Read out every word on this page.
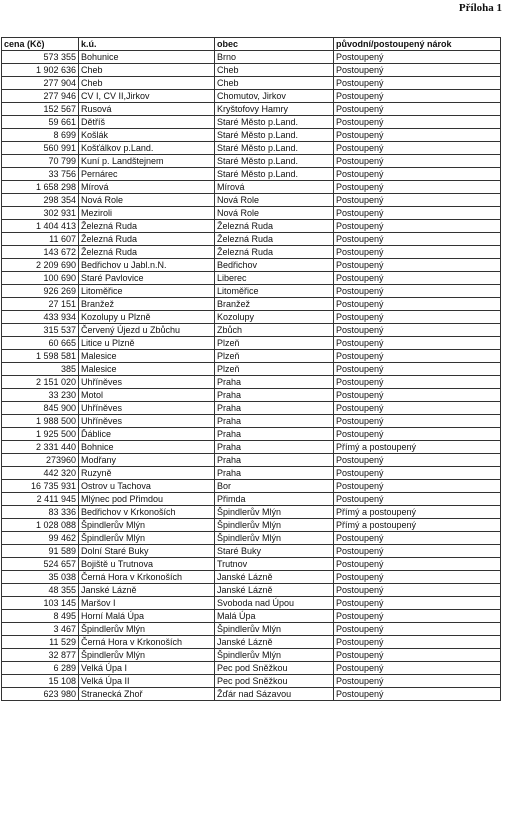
Příloha 1
cena (Kč)	k.ú.	obec	původní/postoupený nárok
573 355	Bohunice	Brno	Postoupený
1 902 636	Cheb	Cheb	Postoupený
277 904	Cheb	Cheb	Postoupený
277 946	CV I, CV II,Jirkov	Chomutov, Jirkov	Postoupený
152 567	Rusová	Kryštofovy Hamry	Postoupený
59 661	Dětříš	Staré Město p.Land.	Postoupený
8 699	Košlák	Staré Město p.Land.	Postoupený
560 991	Košťálkov p.Land.	Staré Město p.Land.	Postoupený
70 799	Kuní p. Landštejnem	Staré Město p.Land.	Postoupený
33 756	Pernárec	Staré Město p.Land.	Postoupený
1 658 298	Mírová	Mírová	Postoupený
298 354	Nová Role	Nová Role	Postoupený
302 931	Meziroli	Nová Role	Postoupený
1 404 413	Železná Ruda	Železná Ruda	Postoupený
11 607	Železná Ruda	Železná Ruda	Postoupený
143 672	Železná Ruda	Železná Ruda	Postoupený
2 209 690	Bedřichov u Jabl.n.N.	Bedřichov	Postoupený
100 690	Staré Pavlovice	Liberec	Postoupený
926 269	Litoměřice	Litoměřice	Postoupený
27 151	Branžež	Branžež	Postoupený
433 934	Kozolupy u Plzně	Kozolupy	Postoupený
315 537	Červený Újezd u Zbůchu	Zbůch	Postoupený
60 665	Litice u Plzně	Plzeň	Postoupený
1 598 581	Malesice	Plzeň	Postoupený
385	Malesice	Plzeň	Postoupený
2 151 020	Uhříněves	Praha	Postoupený
33 230	Motol	Praha	Postoupený
845 900	Uhříněves	Praha	Postoupený
1 988 500	Uhříněves	Praha	Postoupený
1 925 500	Ďáblice	Praha	Postoupený
2 331 440	Bohnice	Praha	Přímý a postoupený
273960	Modřany	Praha	Postoupený
442 320	Ruzyně	Praha	Postoupený
16 735 931	Ostrov u Tachova	Bor	Postoupený
2 411 945	Mlýnec pod Přimdou	Přimda	Postoupený
83 336	Bedřichov v Krkonoších	Špindlerův Mlýn	Přímý a postoupený
1 028 088	Špindlerův Mlýn	Špindlerův Mlýn	Přímý a postoupený
99 462	Špindlerův Mlýn	Špindlerův Mlýn	Postoupený
91 589	Dolní Staré Buky	Staré Buky	Postoupený
524 657	Bojiště u Trutnova	Trutnov	Postoupený
35 038	Černá Hora v Krkonoších	Janské Lázně	Postoupený
48 355	Janské Lázně	Janské Lázně	Postoupený
103 145	Maršov I	Svoboda nad Úpou	Postoupený
8 495	Horní Malá Úpa	Malá Úpa	Postoupený
3 467	Špindlerův Mlýn	Špindlerův Mlýn	Postoupený
11 529	Černá Hora v Krkonoších	Janské Lázně	Postoupený
32 877	Špindlerův Mlýn	Špindlerův Mlýn	Postoupený
6 289	Velká Úpa I	Pec pod Sněžkou	Postoupený
15 108	Velká Úpa II	Pec pod Sněžkou	Postoupený
623 980	Stranecká Zhoř	Žďár nad Sázavou	Postoupený
